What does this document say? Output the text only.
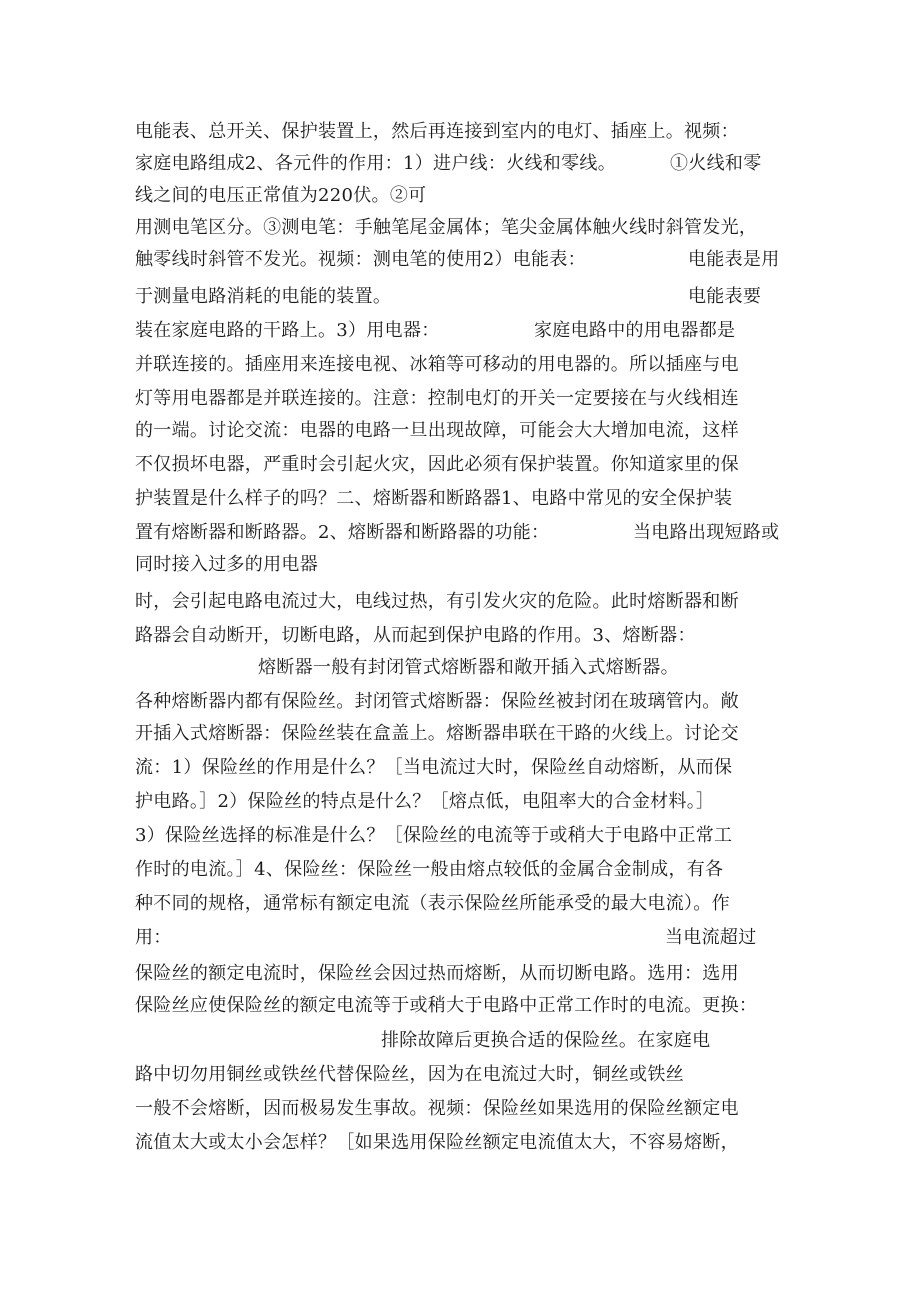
电能表、总开关、保护装置上，然后再连接到室内的电灯、插座上。视频：
家庭电路组成2、各元件的作用：1）进户线：火线和零线。	①火线和零
线之间的电压正常值为220伏。②可
用测电笔区分。③测电笔：手触笔尾金属体；笔尖金属体触火线时斜管发光，
触零线时斜管不发光。视频：测电笔的使用2）电能表：	电能表是用
于测量电路消耗的电能的装置。	电能表要
装在家庭电路的干路上。3）用电器：	家庭电路中的用电器都是
并联连接的。插座用来连接电视、冰箱等可移动的用电器的。所以插座与电
灯等用电器都是并联连接的。注意：控制电灯的开关一定要接在与火线相连
的一端。讨论交流：电器的电路一旦出现故障，可能会大大增加电流，这样
不仅损坏电器，严重时会引起火灾，因此必须有保护装置。你知道家里的保
护装置是什么样子的吗？二、熔断器和断路器1、电路中常见的安全保护装
置有熔断器和断路器。2、熔断器和断路器的功能：	当电路出现短路或
同时接入过多的用电器
时，会引起电路电流过大，电线过热，有引发火灾的危险。此时熔断器和断
路器会自动断开，切断电路，从而起到保护电路的作用。3、熔断器：
熔断器一般有封闭管式熔断器和敞开插入式熔断器。
各种熔断器内都有保险丝。封闭管式熔断器：保险丝被封闭在玻璃管内。敞
开插入式熔断器：保险丝装在盒盖上。熔断器串联在干路的火线上。讨论交
流：1）保险丝的作用是什么？［当电流过大时，保险丝自动熔断，从而保
护电路。］2）保险丝的特点是什么？［熔点低，电阻率大的合金材料。］
3）保险丝选择的标准是什么？［保险丝的电流等于或稍大于电路中正常工
作时的电流。］4、保险丝：保险丝一般由熔点较低的金属合金制成，有各
种不同的规格，通常标有额定电流（表示保险丝所能承受的最大电流）。作
用：	当电流超过
保险丝的额定电流时，保险丝会因过热而熔断，从而切断电路。选用：选用
保险丝应使保险丝的额定电流等于或稍大于电路中正常工作时的电流。更换：
排除故障后更换合适的保险丝。在家庭电
路中切勿用铜丝或铁丝代替保险丝，因为在电流过大时，铜丝或铁丝
一般不会熔断，因而极易发生事故。视频：保险丝如果选用的保险丝额定电
流值太大或太小会怎样？［如果选用保险丝额定电流值太大，不容易熔断，
